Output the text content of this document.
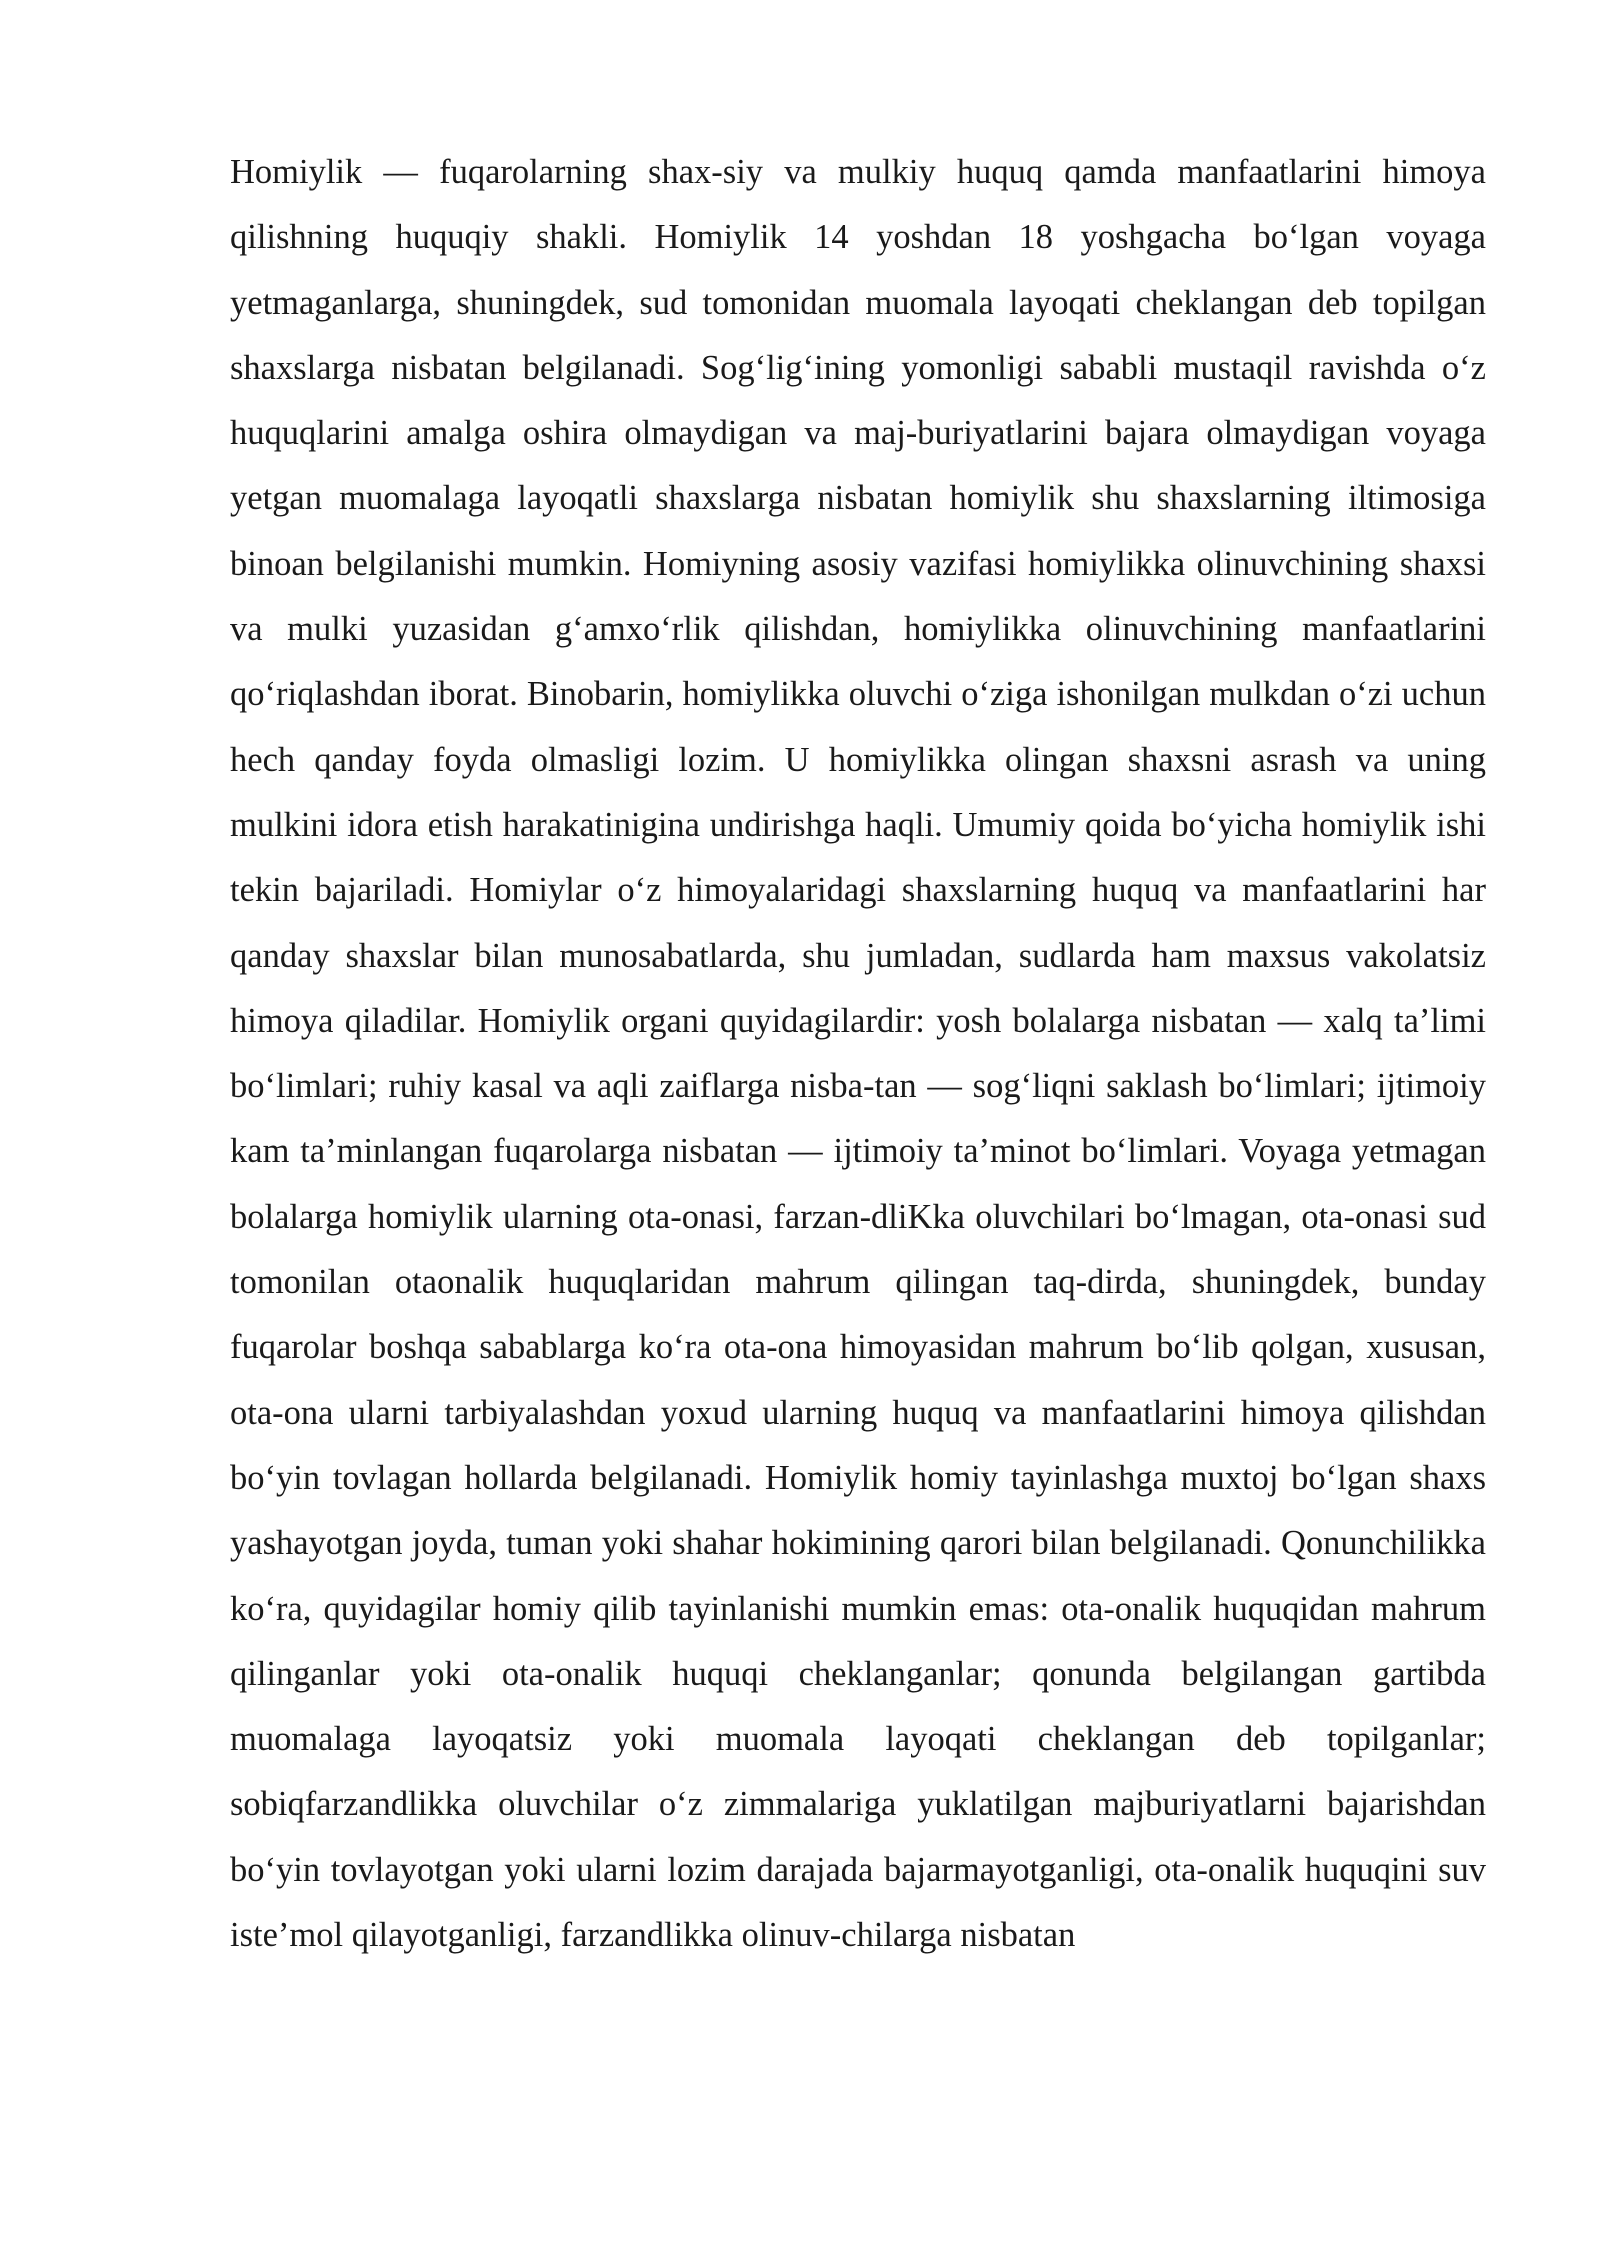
Homiylik — fuqarolarning shax-siy va mulkiy huquq qamda manfaatlarini himoya qilishning huquqiy shakli. Homiylik 14 yoshdan 18 yoshgacha bo‘lgan voyaga yetmaganlarga, shuningdek, sud tomonidan muomala layoqati cheklangan deb topilgan shaxslarga nisbatan belgilanadi. Sog‘lig‘ining yomonligi sababli mustaqil ravishda o‘z huquqlarini amalga oshira olmaydigan va maj-buriyatlarini bajara olmaydigan voyaga yetgan muomalaga layoqatli shaxslarga nisbatan homiylik shu shaxslarning iltimosiga binoan belgilanishi mumkin. Homiyning asosiy vazifasi homiylikka olinuvchining shaxsi va mulki yuzasidan g‘amxo‘rlik qilishdan, homiylikka olinuvchining manfaatlarini qo‘riqlashdan iborat. Binobarin, homiylikka oluvchi o‘ziga ishonilgan mulkdan o‘zi uchun hech qanday foyda olmasligi lozim. U homiylikka olingan shaxsni asrash va uning mulkini idora etish harakatinigina undirishga haqli. Umumiy qoida bo‘yicha homiylik ishi tekin bajariladi. Homiylar o‘z himoyalaridagi shaxslarning huquq va manfaatlarini har qanday shaxslar bilan munosabatlarda, shu jumladan, sudlarda ham maxsus vakolatsiz himoya qiladilar. Homiylik organi quyidagilardir: yosh bolalarga nisbatan — xalq ta’limi bo‘limlari; ruhiy kasal va aqli zaiflarga nisba-tan — sog‘liqni saklash bo‘limlari; ijtimoiy kam ta’minlangan fuqarolarga nisbatan — ijtimoiy ta’minot bo‘limlari. Voyaga yetmagan bolalarga homiylik ularning ota-onasi, farzan-dliKka oluvchilari bo‘lmagan, ota-onasi sud tomonilan otaonalik huquqlaridan mahrum qilingan taq-dirda, shuningdek, bunday fuqarolar boshqa sabablarga ko‘ra ota-ona himoyasidan mahrum bo‘lib qolgan, xususan, ota-ona ularni tarbiyalashdan yoxud ularning huquq va manfaatlarini himoya qilishdan bo‘yin tovlagan hollarda belgilanadi. Homiylik homiy tayinlashga muxtoj bo‘lgan shaxs yashayotgan joyda, tuman yoki shahar hokimining qarori bilan belgilanadi. Qonunchilikka ko‘ra, quyidagilar homiy qilib tayinlanishi mumkin emas: ota-onalik huquqidan mahrum qilinganlar yoki ota-onalik huquqi cheklanganlar; qonunda belgilangan gartibda muomalaga layoqatsiz yoki muomala layoqati cheklangan deb topilganlar; sobiqfarzandlikka oluvchilar o‘z zimmalariga yuklatilgan majburiyatlarni bajarishdan bo‘yin tovlayotgan yoki ularni lozim darajada bajarmayotganligi, ota-onalik huquqini suv iste’mol qilayotganligi, farzandlikka olinuv-chilarga nisbatan
